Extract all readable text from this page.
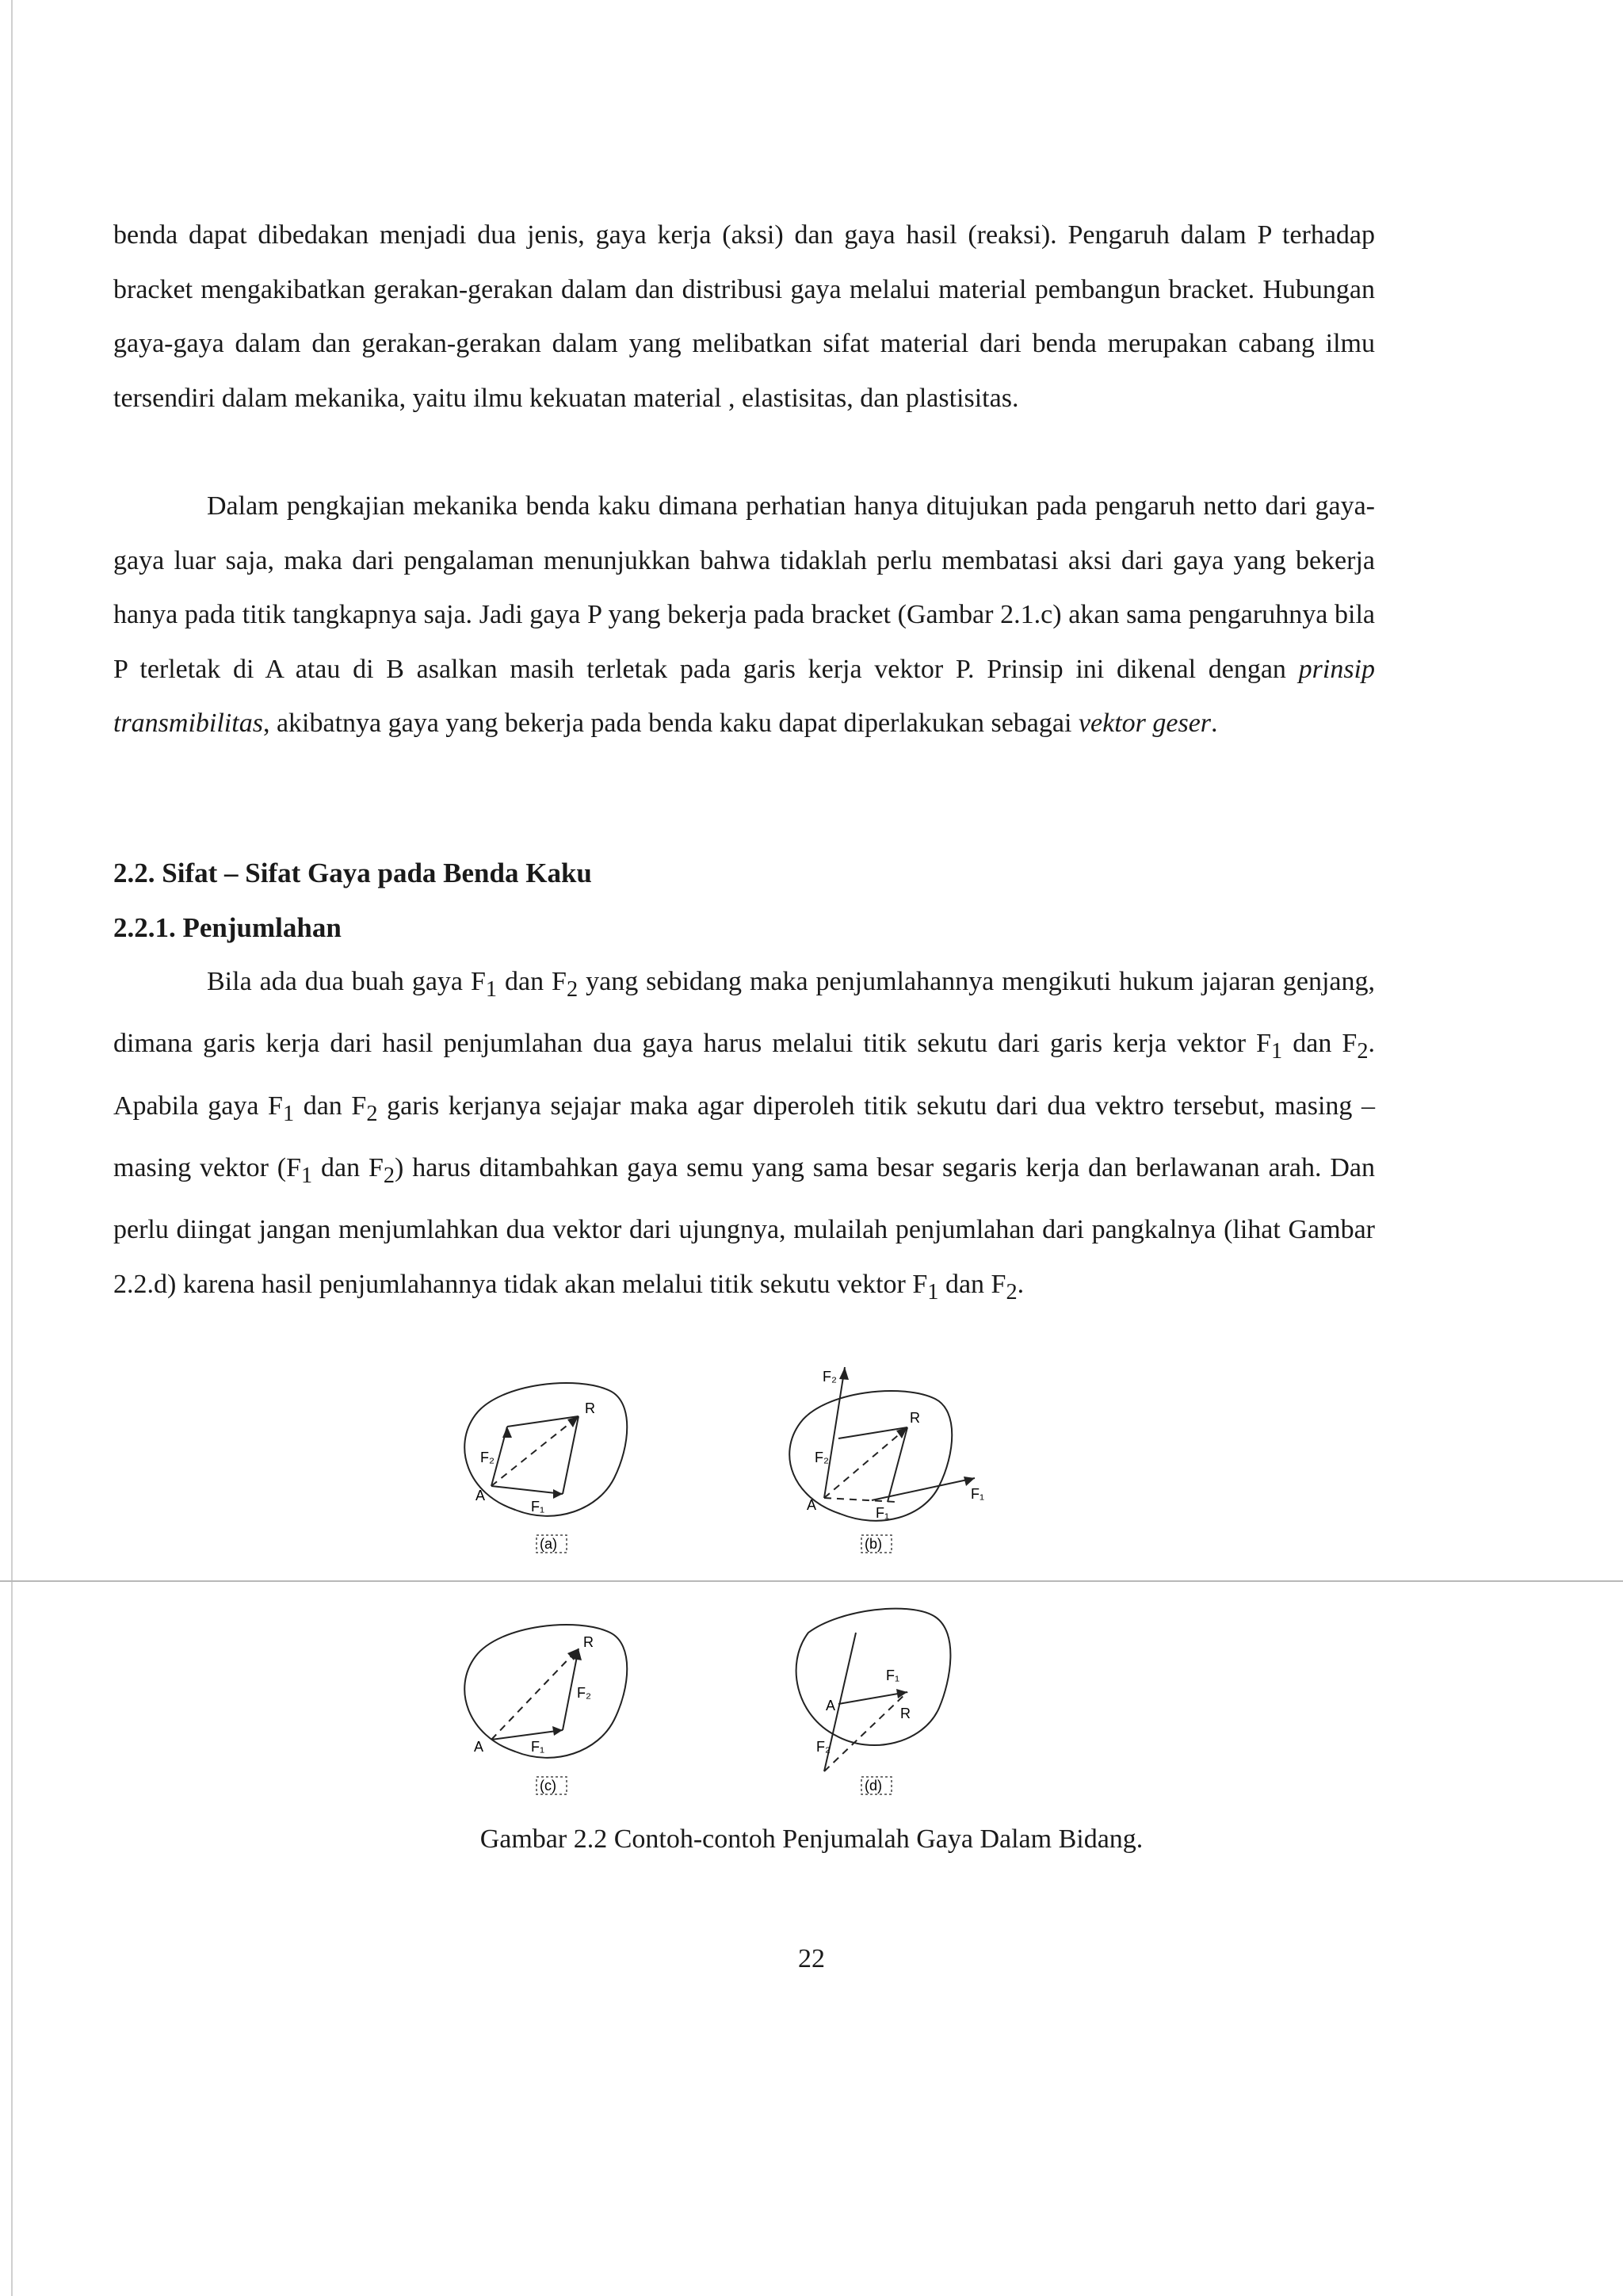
benda dapat dibedakan menjadi dua jenis, gaya kerja (aksi) dan gaya hasil (reaksi). Pengaruh dalam P terhadap bracket mengakibatkan gerakan-gerakan dalam dan distribusi gaya melalui material pembangun bracket. Hubungan gaya-gaya dalam dan gerakan-gerakan dalam yang melibatkan sifat material dari benda merupakan cabang ilmu tersendiri dalam mekanika, yaitu ilmu kekuatan material , elastisitas, dan plastisitas.

Dalam pengkajian mekanika benda kaku dimana perhatian hanya ditujukan pada pengaruh netto dari gaya-gaya luar saja, maka dari pengalaman menunjukkan bahwa tidaklah perlu membatasi aksi dari gaya yang bekerja hanya pada titik tangkapnya saja. Jadi gaya P yang bekerja pada bracket (Gambar 2.1.c) akan sama pengaruhnya bila P terletak di A atau di B asalkan masih terletak pada garis kerja vektor P. Prinsip ini dikenal dengan prinsip transmibilitas, akibatnya gaya yang bekerja pada benda kaku dapat diperlakukan sebagai vektor geser.

2.2. Sifat – Sifat Gaya pada Benda Kaku
2.2.1. Penjumlahan

Bila ada dua buah gaya $F_1$ dan $F_2$ yang sebidang maka penjumlahannya mengikuti hukum jajaran genjang, dimana garis kerja dari hasil penjumlahan dua gaya harus melalui titik sekutu dari garis kerja vektor $F_1$ dan $F_2$. Apabila gaya $F_1$ dan $F_2$ garis kerjanya sejajar maka agar diperoleh titik sekutu dari dua vektro tersebut, masing – masing vektor ($F_1$ dan $F_2$) harus ditambahkan gaya semu yang sama besar segaris kerja dan berlawanan arah. Dan perlu diingat jangan menjumlahkan dua vektor dari ujungnya, mulailah penjumlahan dari pangkalnya (lihat Gambar 2.2.d) karena hasil penjumlahannya tidak akan melalui titik sekutu vektor $F_1$ dan $F_2$.

R
F₁
F₂
A
(a)
R
F₂
F₂
F₁
F₁
A
(b)
R
F₁
F₂
A
(c)
F₁
R
F₂
A
(d)
Gambar 2.2 Contoh-contoh Penjumalah Gaya Dalam Bidang.
22
